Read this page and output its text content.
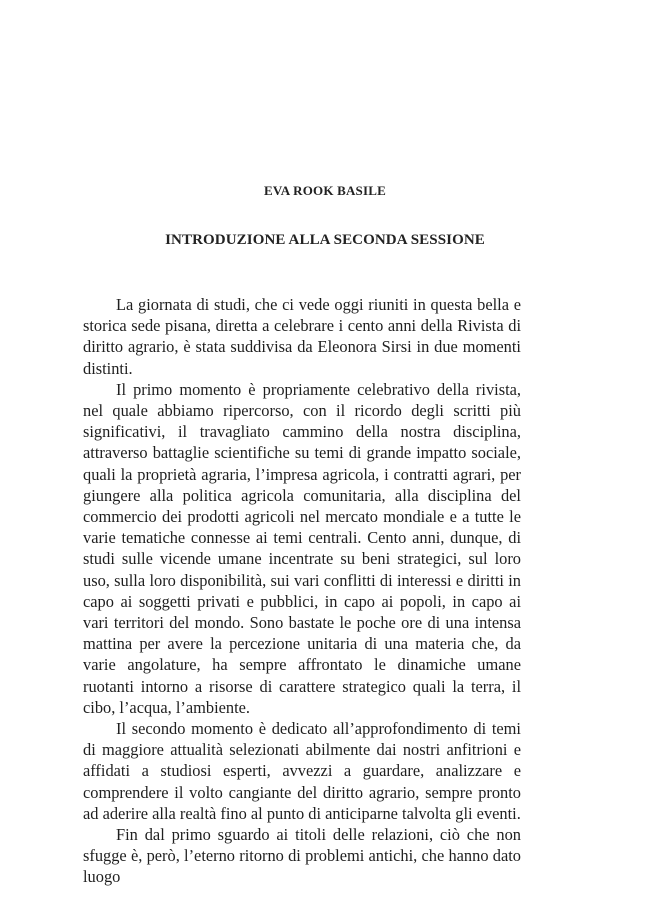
EVA ROOK BASILE
INTRODUZIONE ALLA SECONDA SESSIONE

La giornata di studi, che ci vede oggi riuniti in questa bella e storica sede pisana, diretta a celebrare i cento anni della Rivista di diritto agrario, è stata suddivisa da Eleonora Sirsi in due momenti distinti.

Il primo momento è propriamente celebrativo della rivista, nel quale abbiamo ripercorso, con il ricordo degli scritti più significativi, il travagliato cammino della nostra disciplina, attraverso battaglie scientifiche su temi di grande impatto sociale, quali la proprietà agraria, l’impresa agricola, i contratti agrari, per giungere alla politica agricola comunitaria, alla disciplina del commercio dei prodotti agricoli nel mercato mondiale e a tutte le varie tematiche connesse ai temi centrali. Cento anni, dunque, di studi sulle vicende umane incentrate su beni strategici, sul loro uso, sulla loro disponibilità, sui vari conflitti di interessi e diritti in capo ai soggetti privati e pubblici, in capo ai popoli, in capo ai vari territori del mondo. Sono bastate le poche ore di una intensa mattina per avere la percezione unitaria di una materia che, da varie angolature, ha sempre affrontato le dinamiche umane ruotanti intorno a risorse di carattere strategico quali la terra, il cibo, l’acqua, l’ambiente.

Il secondo momento è dedicato all’approfondimento di temi di maggiore attualità selezionati abilmente dai nostri anfitrioni e affidati a studiosi esperti, avvezzi a guardare, analizzare e comprendere il volto cangiante del diritto agrario, sempre pronto ad aderire alla realtà fino al punto di anticiparne talvolta gli eventi.

Fin dal primo sguardo ai titoli delle relazioni, ciò che non sfugge è, però, l’eterno ritorno di problemi antichi, che hanno dato luogo
